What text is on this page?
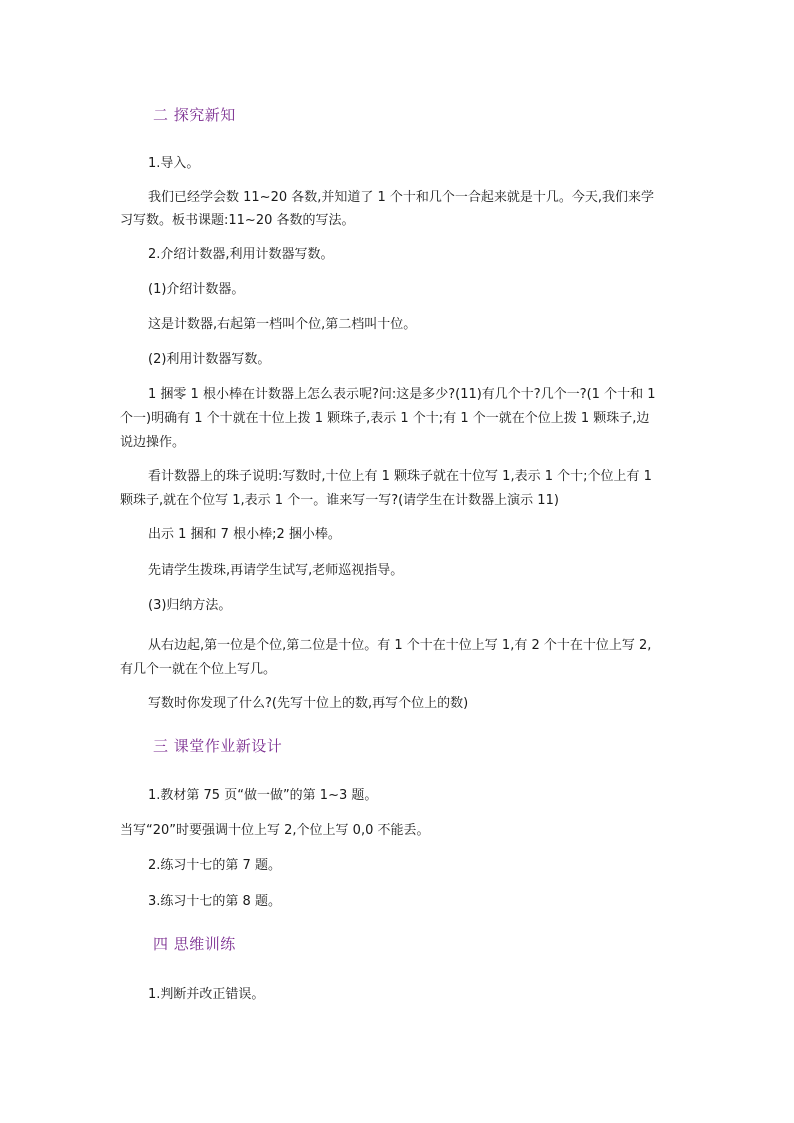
二 探究新知
1.导入。
我们已经学会数 11~20 各数,并知道了 1 个十和几个一合起来就是十几。今天,我们来学
习写数。板书课题:11~20 各数的写法。
2.介绍计数器,利用计数器写数。
(1)介绍计数器。
这是计数器,右起第一档叫个位,第二档叫十位。
(2)利用计数器写数。
1 捆零 1 根小棒在计数器上怎么表示呢?问:这是多少?(11)有几个十?几个一?(1 个十和 1
个一)明确有 1 个十就在十位上拨 1 颗珠子,表示 1 个十;有 1 个一就在个位上拨 1 颗珠子,边
说边操作。
看计数器上的珠子说明:写数时,十位上有 1 颗珠子就在十位写 1,表示 1 个十;个位上有 1
颗珠子,就在个位写 1,表示 1 个一。谁来写一写?(请学生在计数器上演示 11)
出示 1 捆和 7 根小棒;2 捆小棒。
先请学生拨珠,再请学生试写,老师巡视指导。
(3)归纳方法。
从右边起,第一位是个位,第二位是十位。有 1 个十在十位上写 1,有 2 个十在十位上写 2,
有几个一就在个位上写几。
写数时你发现了什么?(先写十位上的数,再写个位上的数)
三 课堂作业新设计
1.教材第 75 页“做一做”的第 1~3 题。
当写“20”时要强调十位上写 2,个位上写 0,0 不能丢。
2.练习十七的第 7 题。
3.练习十七的第 8 题。
四 思维训练
1.判断并改正错误。
